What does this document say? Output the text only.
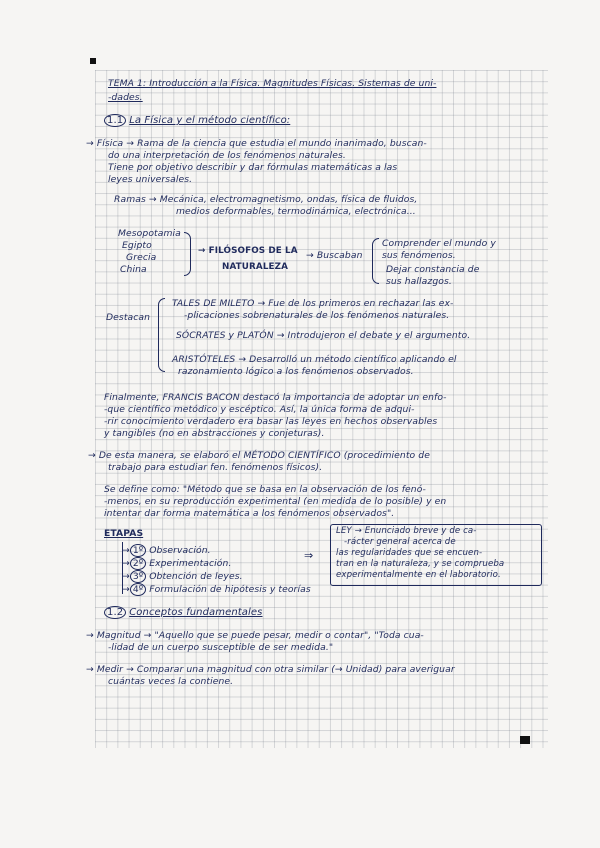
TEMA 1: Introducción a la Física. Magnitudes Físicas. Sistemas de uni-
-dades.
1.1 La Física y el método científico:
→ Física → Rama de la ciencia que estudia el mundo inanimado, buscan-
do una interpretación de los fenómenos naturales.
Tiene por objetivo describir y dar fórmulas matemáticas a las
leyes universales.
Ramas → Mecánica, electromagnetismo, ondas, física de fluidos,
medios deformables, termodinámica, electrónica...
Mesopotamia
Egipto
Grecia
China
→ FILÓSOFOS DE LA
NATURALEZA
→ Buscaban
Comprender el mundo y
sus fenómenos.
Dejar constancia de
sus hallazgos.
Destacan
TALES DE MILETO → Fue de los primeros en rechazar las ex-
-plicaciones sobrenaturales de los fenómenos naturales.
SÓCRATES y PLATÓN → Introdujeron el debate y el argumento.
ARISTÓTELES → Desarrolló un método científico aplicando el
razonamiento lógico a los fenómenos observados.
Finalmente, FRANCIS BACON destacó la importancia de adoptar un enfo-
-que científico metódico y escéptico. Así, la única forma de adqui-
-rir conocimiento verdadero era basar las leyes en hechos observables
y tangibles (no en abstracciones y conjeturas).
→ De esta manera, se elaboró el MÉTODO CIENTÍFICO (procedimiento de
trabajo para estudiar fen. fenómenos físicos).
Se define como: "Método que se basa en la observación de los fenó-
-menos, en su reproducción experimental (en medida de lo posible) y en
intentar dar forma matemática a los fenómenos observados".
ETAPAS
→ 1º Observación.
→ 2º Experimentación.
→ 3º Obtención de leyes.
→ 4º Formulación de hipótesis y teorías
⇒
LEY → Enunciado breve y de ca-
-rácter general acerca de
las regularidades que se encuen-
tran en la naturaleza, y se comprueba
experimentalmente en el laboratorio.
1.2 Conceptos fundamentales
→ Magnitud → "Aquello que se puede pesar, medir o contar", "Toda cua-
-lidad de un cuerpo susceptible de ser medida."
→ Medir → Comparar una magnitud con otra similar (→ Unidad) para averiguar
cuántas veces la contiene.
